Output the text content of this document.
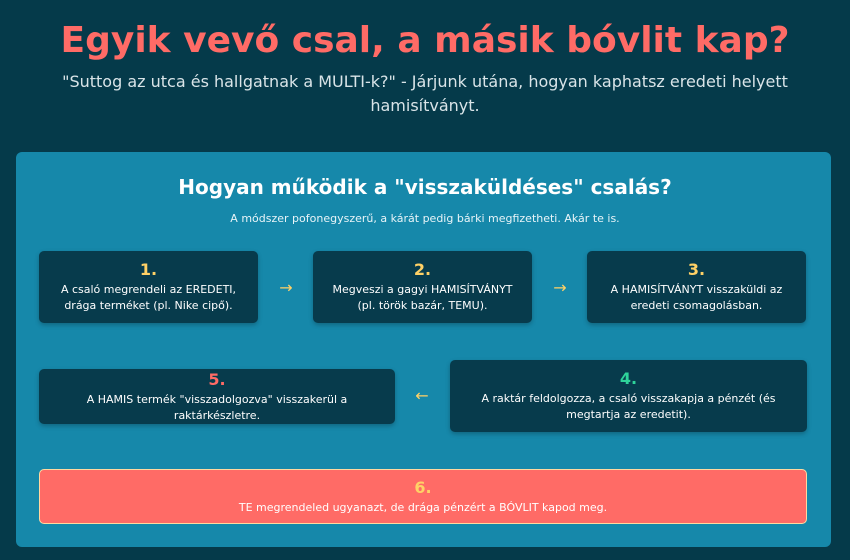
Egyik vevő csal, a másik bóvlit kap?
"Suttog az utca és hallgatnak a MULTI-k?" - Járjunk utána, hogyan kaphatsz eredeti helyett hamisítványt.
Hogyan működik a "visszaküldéses" csalás?
A módszer pofonegyszerű, a kárát pedig bárki megfizetheti. Akár te is.
1.
A csaló megrendeli az EREDETI, drága terméket (pl. Nike cipő).
→
2.
Megveszi a gagyi HAMISÍTVÁNYT (pl. török bazár, TEMU).
→
3.
A HAMISÍTVÁNYT visszaküldi az eredeti csomagolásban.
5.
A HAMIS termék "visszadolgozva" visszakerül a raktárkészletre.
←
4.
A raktár feldolgozza, a csaló visszakapja a pénzét (és megtartja az eredetit).
6.
TE megrendeled ugyanazt, de drága pénzért a BÓVLIT kapod meg.
